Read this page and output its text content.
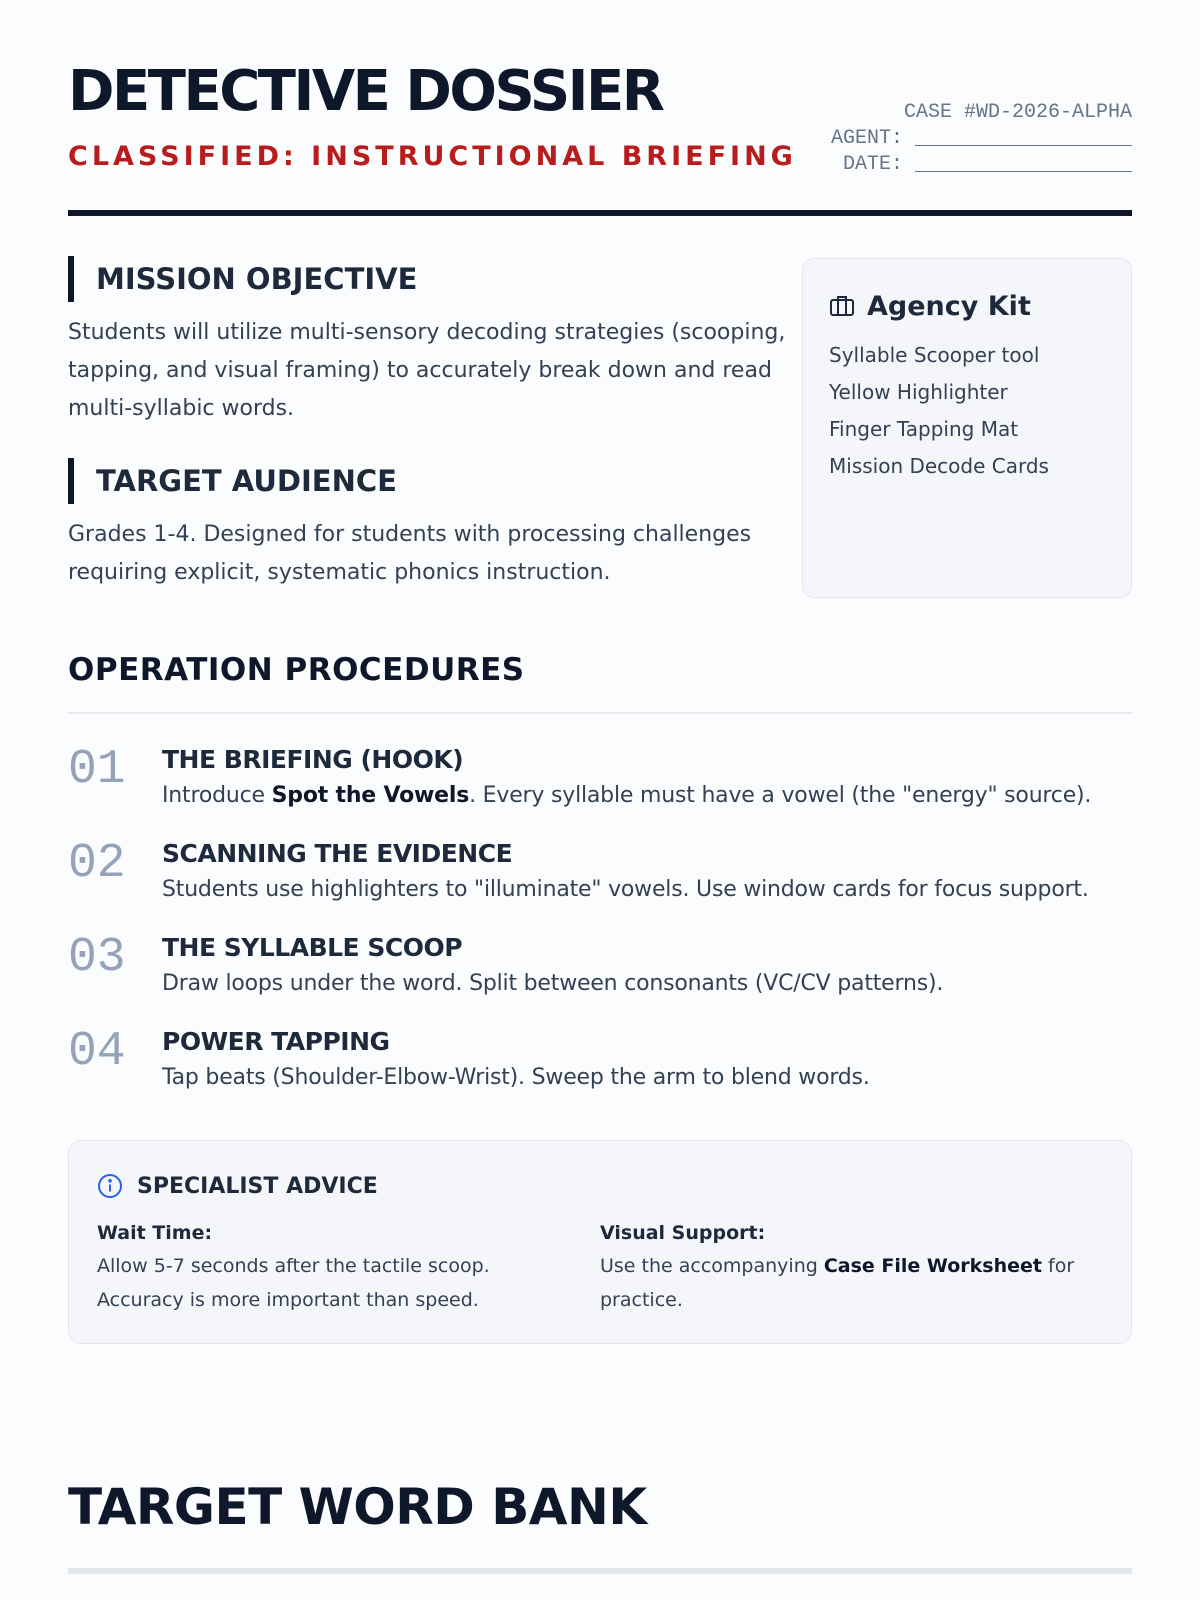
DETECTIVE DOSSIER
CLASSIFIED: INSTRUCTIONAL BRIEFING
CASE #WD-2026-ALPHA
AGENT:
DATE:
MISSION OBJECTIVE

Students will utilize multi-sensory decoding strategies (scooping, tapping, and visual framing) to accurately break down and read multi-syllabic words.

TARGET AUDIENCE

Grades 1-4. Designed for students with processing challenges requiring explicit, systematic phonics instruction.

Agency Kit
Syllable Scooper tool
Yellow Highlighter
Finger Tapping Mat
Mission Decode Cards
OPERATION PROCEDURES
01	THE BRIEFING (HOOK)
Introduce Spot the Vowels. Every syllable must have a vowel (the "energy" source).
02	SCANNING THE EVIDENCE
Students use highlighters to "illuminate" vowels. Use window cards for focus support.
03	THE SYLLABLE SCOOP
Draw loops under the word. Split between consonants (VC/CV patterns).
04	POWER TAPPING
Tap beats (Shoulder-Elbow-Wrist). Sweep the arm to blend words.
SPECIALIST ADVICE
Wait Time:
Allow 5-7 seconds after the tactile scoop. Accuracy is more important than speed.
Visual Support:
Use the accompanying Case File Worksheet for practice.
TARGET WORD BANK
